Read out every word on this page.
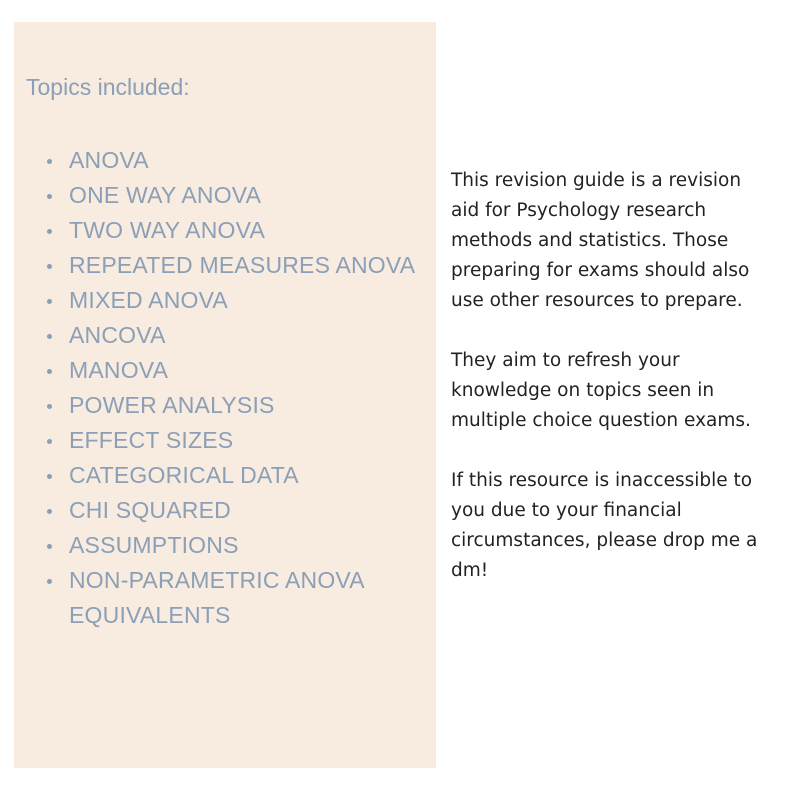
Topics included:
ANOVA
ONE WAY ANOVA
TWO WAY ANOVA
REPEATED MEASURES ANOVA
MIXED ANOVA
ANCOVA
MANOVA
POWER ANALYSIS
EFFECT SIZES
CATEGORICAL DATA
CHI SQUARED
ASSUMPTIONS
NON-PARAMETRIC ANOVA EQUIVALENTS

This revision guide is a revision aid for Psychology research methods and statistics. Those preparing for exams should also use other resources to prepare.

They aim to refresh your knowledge on topics seen in multiple choice question exams.

If this resource is inaccessible to you due to your financial circumstances, please drop me a dm!
